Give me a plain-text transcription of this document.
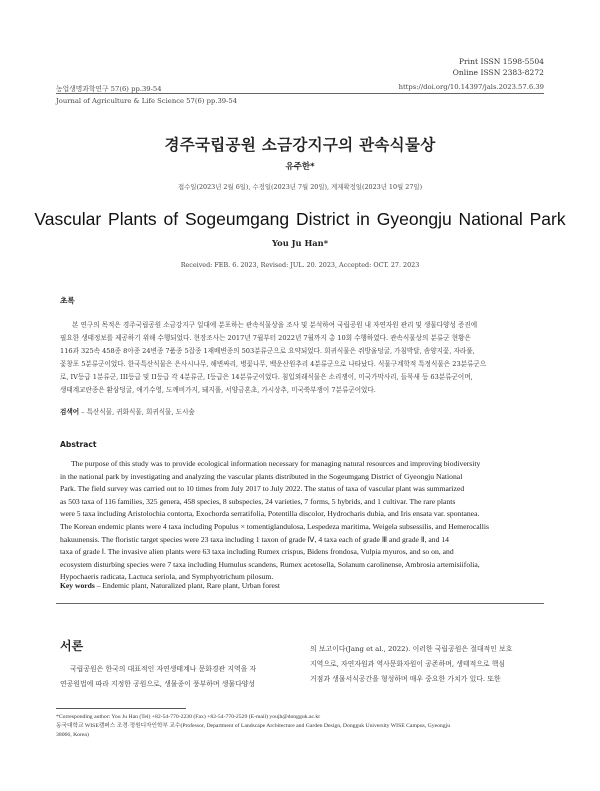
Print ISSN 1598-5504
Online ISSN 2383-8272
농업생명과학연구 57(6) pp.39-54	https://doi.org/10.14397/jals.2023.57.6.39
Journal of Agriculture & Life Science 57(6) pp.39-54
경주국립공원 소금강지구의 관속식물상
유주한*
접수일(2023년 2월 6일), 수정일(2023년 7월 20일), 게재확정일(2023년 10월 27일)
Vascular Plants of Sogeumgang District in Gyeongju National Park
You Ju Han*
Received: FEB. 6. 2023, Revised: JUL. 20. 2023, Accepted: OCT. 27. 2023
초록
본 연구의 목적은 경주국립공원 소금강지구 일대에 분포하는 관속식물상을 조사 및 분석하여 국립공원 내 자연자원 관리 및 생물다양성 증진에
필요한 생태정보를 제공하기 위해 수행되었다. 현장조사는 2017년 7월부터 2022년 7월까지 총 10회 수행하였다. 관속식물상의 분류군 현황은
116과 325속 458종 8아종 24변종 7품종 5잡종 1재배변종의 503분류군으로 요약되었다. 희귀식물은 쥐방울덩굴, 가침박달, 솜양지꽃, 자라풀,
꽃창포 5분류군이었다. 한국특산식물은 은사시나무, 해변싸리, 병꽃나무, 백운산원추리 4분류군으로 나타났다. 식물구계학적 특정식물은 23분류군으
로, IV등급 1분류군, III등급 및 II등급 각 4분류군, I등급은 14분류군이었다. 침입외래식물은 소리쟁이, 미국가막사리, 들묵새 등 63분류군이며,
생태계교란종은 환삼덩굴, 애기수영, 도깨비가지, 돼지풀, 서양금혼초, 가시상추, 미국쑥부쟁이 7분류군이었다.
검색어 – 특산식물, 귀화식물, 희귀식물, 도시숲
Abstract
The purpose of this study was to provide ecological information necessary for managing natural resources and improving biodiversity
in the national park by investigating and analyzing the vascular plants distributed in the Sogeumgang District of Gyeongju National
Park. The field survey was carried out to 10 times from July 2017 to July 2022. The status of taxa of vascular plant was summarized
as 503 taxa of 116 families, 325 genera, 458 species, 8 subspecies, 24 varieties, 7 forms, 5 hybrids, and 1 cultivar. The rare plants
were 5 taxa including Aristolochia contorta, Exochorda serratifolia, Potentilla discolor, Hydrocharis dubia, and Iris ensata var. spontanea.
The Korean endemic plants were 4 taxa including Populus × tomentiglandulosa, Lespedeza maritima, Weigela subsessilis, and Hemerocallis
hakuunensis. The floristic target species were 23 taxa including 1 taxon of grade Ⅳ, 4 taxa each of grade Ⅲ and grade Ⅱ, and 14
taxa of grade Ⅰ. The invasive alien plants were 63 taxa including Rumex crispus, Bidens frondosa, Vulpia myuros, and so on, and
ecosystem disturbing species were 7 taxa including Humulus scandens, Rumex acetosella, Solanum carolinense, Ambrosia artemisiifolia,
Hypochaeris radicata, Lactuca seriola, and Symphyotrichum pilosum.
Key words – Endemic plant, Naturalized plant, Rare plant, Urban forest
서론
국립공원은 한국의 대표적인 자연생태계나 문화경관 지역을 자
연공원법에 따라 지정한 공원으로, 생물종이 풍부하며 생물다양성
의 보고이다(Jang et al., 2022). 이러한 국립공원은 절대적인 보호
지역으로, 자연자원과 역사문화자원이 공존하며, 생태적으로 핵심
거점과 생물서식공간을 형성하며 매우 중요한 가치가 있다. 또한
*Corresponding author: You Ju Han (Tel) +82-54-770-2230 (Fax) +82-54-770-2529 (E-mail) youjh@dongguk.ac.kr
동국대학교 WISE캠퍼스 조경·정원디자인학부 교수(Professor, Department of Landscape Architecture and Garden Design, Dongguk University WISE Campus, Gyeongju
38066, Korea)
